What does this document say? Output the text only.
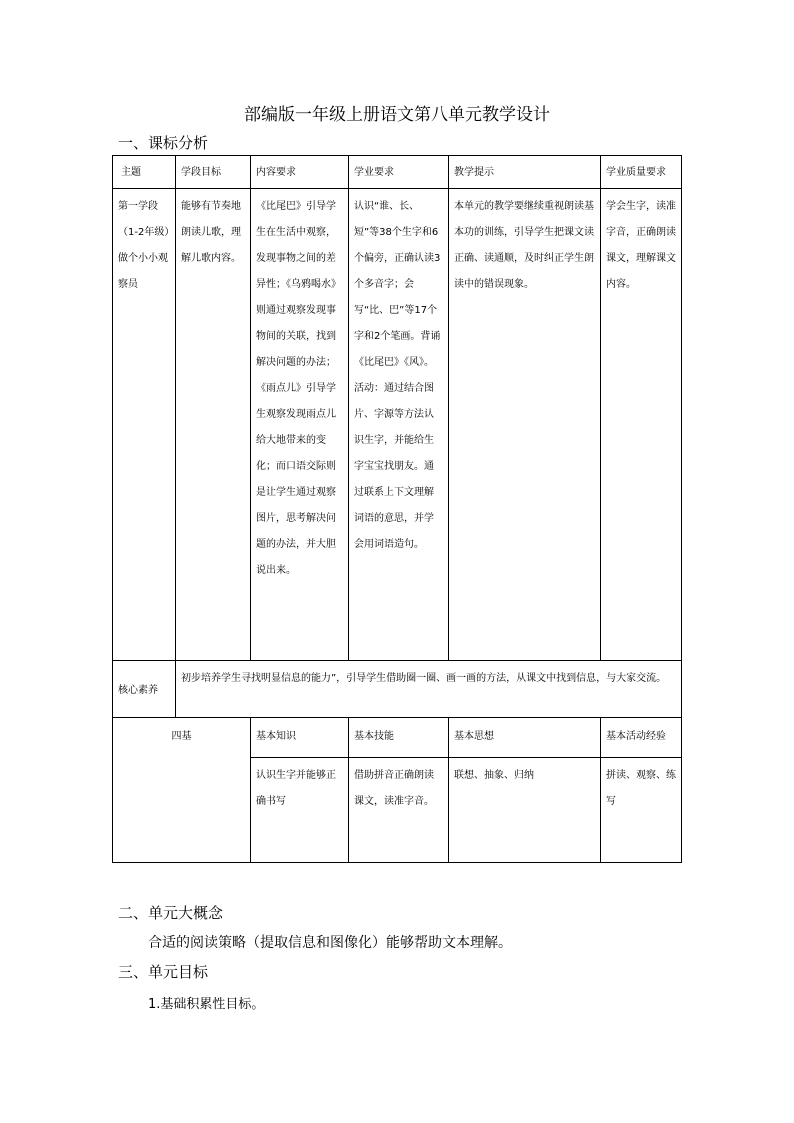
部编版一年级上册语文第八单元教学设计
一、课标分析
主题	学段目标	内容要求	学业要求	教学提示	学业质量要求
第一学段（1-2年级）做个小小观察员	能够有节奏地朗读儿歌，理解儿歌内容。	《比尾巴》引导学生在生活中观察，发现事物之间的差异性；《乌鸦喝水》则通过观察发现事物间的关联，找到解决问题的办法；《雨点儿》引导学生观察发现雨点儿给大地带来的变化；而口语交际则是让学生通过观察图片，思考解决问题的办法，并大胆说出来。	认识“谁、长、短”等38个生字和6个偏旁，正确认读3个多音字；会写“比、巴”等17个字和2个笔画。背诵《比尾巴》《风》。活动：通过结合图片、字源等方法认识生字，并能给生字宝宝找朋友。通过联系上下文理解词语的意思，并学会用词语造句。	本单元的教学要继续重视朗读基本功的训练，引导学生把课文读正确、读通顺，及时纠正学生朗读中的错误现象。	学会生字，读准字音，正确朗读课文，理解课文内容。
核心素养	初步培养学生寻找明显信息的能力”，引导学生借助圈一圈、画一画的方法，从课文中找到信息，与大家交流。				
四基		基本知识	基本技能	基本思想	基本活动经验
		认识生字并能够正确书写	借助拼音正确朗读课文，读准字音。	联想、抽象、归纳	拼读、观察、练写
二、单元大概念
合适的阅读策略（提取信息和图像化）能够帮助文本理解。
三、单元目标
1.基础积累性目标。
